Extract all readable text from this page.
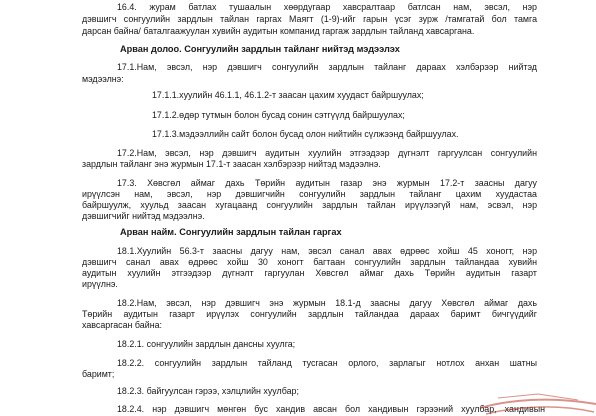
16.4. журам батлах тушаалын хөөрдугаар хавсралтаар батлсан нам, эвсэл, нэр
дэвшигч сонгуулийн зардлын тайлан гаргах Маягт (1-9)-ийг гарын үсэг зурж /тамгатай бол тамга
дарсан байна/ баталгаажуулан хувийн аудитын компанид гаргаж зардлын тайланд хавсаргана.
Арван долоо. Сонгуулийн зардлын тайланг нийтэд мэдээлэх
17.1.Нам, эвсэл, нэр дэвшигч сонгуулийн зардлын тайланг дараах хэлбэрээр нийтэд
мэдээлнэ:
17.1.1.хуулийн 46.1.1, 46.1.2-т заасан цахим хуудаст байршуулах;
17.1.2.өдөр тутмын болон бусад сонин сэтгүүлд байршуулах;
17.1.3.мэдээллийн сайт болон бусад олон нийтийн сүлжээнд байршуулах.
17.2.Нам, эвсэл, нэр дэвшигч аудитын хуулийн этгээдээр дүгнэлт гаргуулсан сонгуулийн
зардлын тайланг энэ журмын 17.1-т заасан хэлбэрээр нийтэд мэдээлнэ.
17.3. Хөвсгөл аймаг дахь Төрийн аудитын газар энэ журмын 17.2-т заасны дагуу
ирүүлсэн нам, эвсэл, нэр дэвшигчийн сонгуулийн зардлын тайланг цахим хуудастаа
байршуулж, хуульд заасан хугацаанд сонгуулийн зардлын тайлан ирүүлээгүй нам, эсвэл, нэр
дэвшигчийг нийтэд мэдээлнэ.
Арван найм. Сонгуулийн зардлын тайлан гаргах
18.1.Хуулийн 56.3-т заасны дагуу нам, эвсэл санал авах өдрөөс хойш 45 хоногт, нэр
дэвшигч санал авах өдрөөс хойш 30 хоногт багтаан сонгуулийн зардлын тайландаа хувийн
аудитын хуулийн этгээдээр дүгнэлт гаргуулан Хөвсгөл аймаг дахь Төрийн аудитын газарт
ирүүлнэ.
18.2.Нам, эвсэл, нэр дэвшигч энэ журмын 18.1-д заасны дагуу Хөвсгөл аймаг дахь
Төрийн аудитын газарт ирүүлэх сонгуулийн зардлын тайландаа дараах баримт бичгүүдийг
хавсаргасан байна:
18.2.1. сонгуулийн зардлын дансны хуулга;
18.2.2. сонгуулийн зардлын тайланд тусгасан орлого, зарлагыг нотлох анхан шатны
баримт;
18.2.3. байгуулсан гэрээ, хэлцлийн хуулбар;
18.2.4. нэр дэвшигч мөнгөн бус хандив авсан бол хандивын гэрээний хуулбар, хандивын
